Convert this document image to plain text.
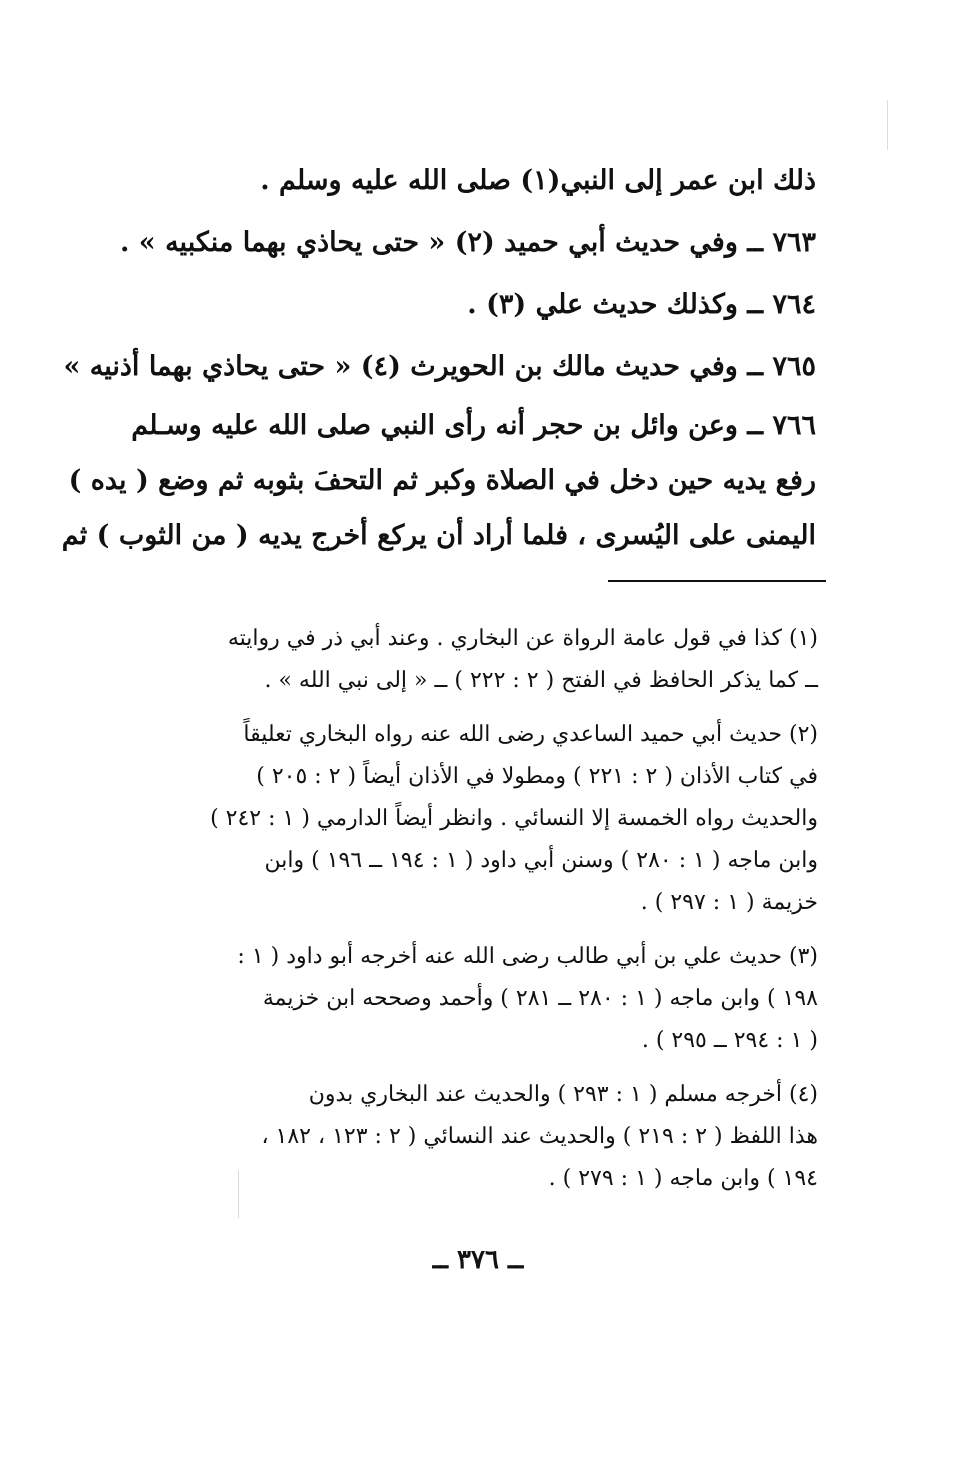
ذلك ابن عمر إلى النبي(١) صلى الله عليه وسلم .
٧٦٣ ــ وفي حديث أبي حميد (٢) « حتى يحاذي بهما منكبيه » .
٧٦٤ ــ وكذلك حديث علي (٣) .
٧٦٥ ــ وفي حديث مالك بن الحويرث (٤) « حتى يحاذي بهما أذنيه »
٧٦٦ ــ وعن وائل بن حجر أنه رأى النبي صلى الله عليه وسـلم
رفع يديه حين دخل في الصلاة وكبر ثم التحفَ بثوبه ثم وضع ( يده )
اليمنى على اليُسرى ، فلما أراد أن يركع أخرج يديه ( من الثوب ) ثم
(١) كذا في قول عامة الرواة عن البخاري . وعند أبي ذر في روايته
ــ كما يذكر الحافظ في الفتح ( ٢ : ٢٢٢ ) ــ « إلى نبي الله » .
(٢) حديث أبي حميد الساعدي رضى الله عنه رواه البخاري تعليقاً
في كتاب الأذان ( ٢ : ٢٢١ ) ومطولا في الأذان أيضاً ( ٢ : ٢٠٥ )
والحديث رواه الخمسة إلا النسائي . وانظر أيضاً الدارمي ( ١ : ٢٤٢ )
وابن ماجه ( ١ : ٢٨٠ ) وسنن أبي داود ( ١ : ١٩٤ ــ ١٩٦ ) وابن
خزيمة ( ١ : ٢٩٧ ) .
(٣) حديث علي بن أبي طالب رضى الله عنه أخرجه أبو داود ( ١ :
١٩٨ ) وابن ماجه ( ١ : ٢٨٠ ــ ٢٨١ ) وأحمد وصححه ابن خزيمة
( ١ : ٢٩٤ ــ ٢٩٥ ) .
(٤) أخرجه مسلم ( ١ : ٢٩٣ ) والحديث عند البخاري بدون
هذا اللفظ ( ٢ : ٢١٩ ) والحديث عند النسائي ( ٢ : ١٢٣ ، ١٨٢ ،
١٩٤ ) وابن ماجه ( ١ : ٢٧٩ ) .
ــ ٣٧٦ ــ
